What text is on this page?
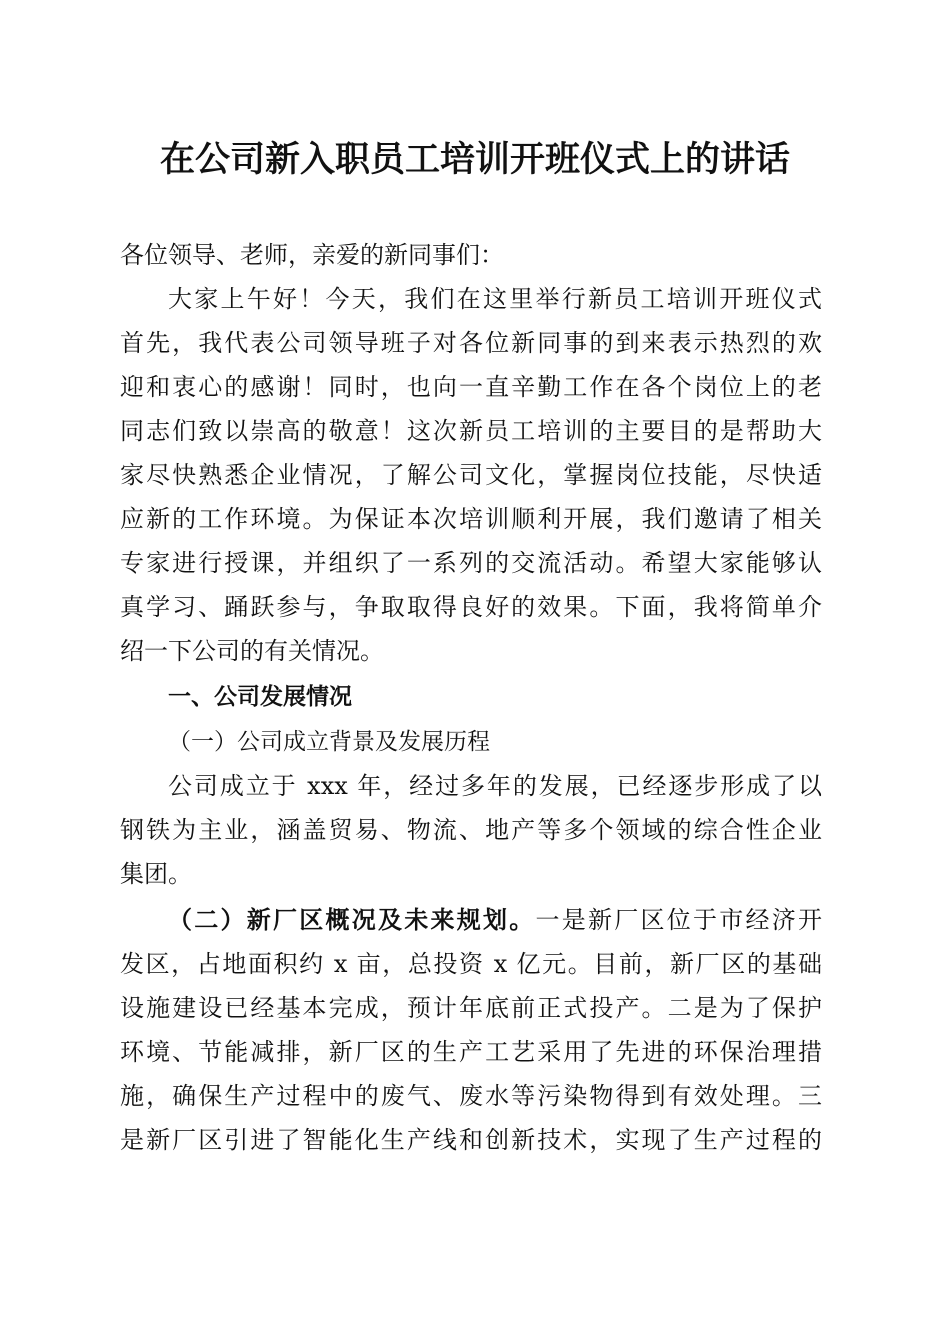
在公司新入职员工培训开班仪式上的讲话
各位领导、老师，亲爱的新同事们：
大家上午好！今天，我们在这里举行新员工培训开班仪式
首先，我代表公司领导班子对各位新同事的到来表示热烈的欢
迎和衷心的感谢！同时，也向一直辛勤工作在各个岗位上的老
同志们致以崇高的敬意！这次新员工培训的主要目的是帮助大
家尽快熟悉企业情况，了解公司文化，掌握岗位技能，尽快适
应新的工作环境。为保证本次培训顺利开展，我们邀请了相关
专家进行授课，并组织了一系列的交流活动。希望大家能够认
真学习、踊跃参与，争取取得良好的效果。下面，我将简单介
绍一下公司的有关情况。
一、公司发展情况
（一）公司成立背景及发展历程
公司成立于 xxx 年，经过多年的发展，已经逐步形成了以
钢铁为主业，涵盖贸易、物流、地产等多个领域的综合性企业
集团。
（二）新厂区概况及未来规划。一是新厂区位于市经济开
发区，占地面积约 x 亩，总投资 x 亿元。目前，新厂区的基础
设施建设已经基本完成，预计年底前正式投产。二是为了保护
环境、节能减排，新厂区的生产工艺采用了先进的环保治理措
施，确保生产过程中的废气、废水等污染物得到有效处理。三
是新厂区引进了智能化生产线和创新技术，实现了生产过程的
